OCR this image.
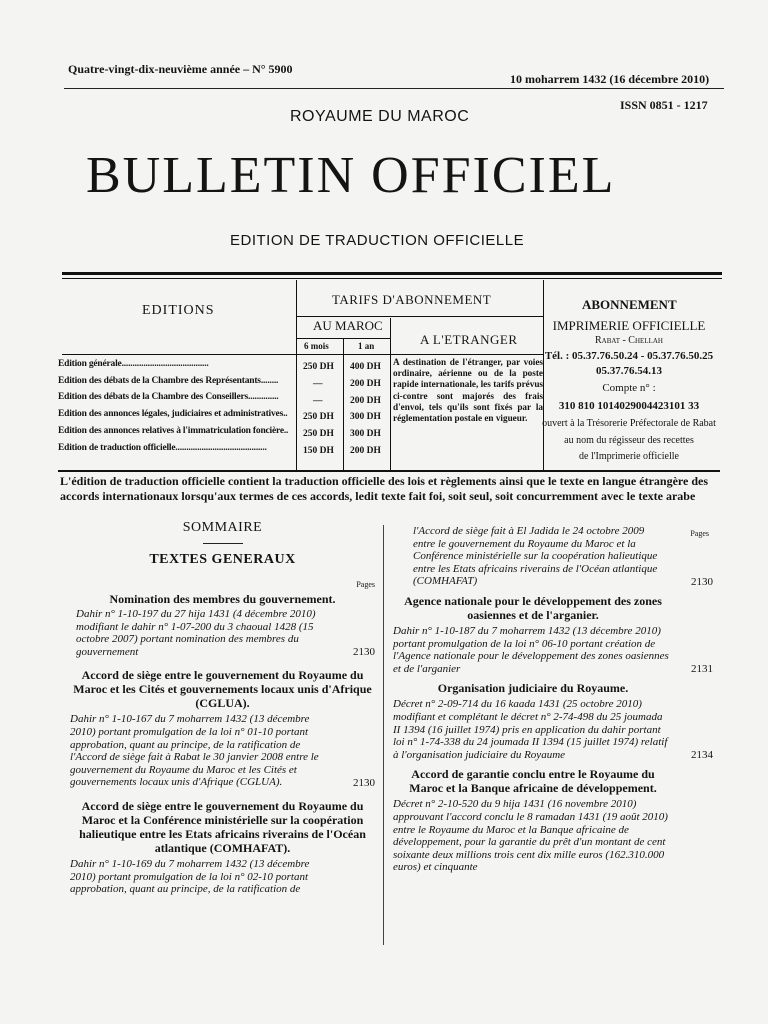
Quatre-vingt-dix-neuvième année – N° 5900
10 moharrem 1432 (16 décembre 2010)
ISSN 0851 - 1217
ROYAUME DU MAROC
BULLETIN OFFICIEL
EDITION DE TRADUCTION OFFICIELLE
EDITIONS
TARIFS D'ABONNEMENT
AU MAROC
A L'ETRANGER
6 mois	1 an
Edition générale........................................	250 DH 400 DH
Edition des débats de la Chambre des Représentants........	—	200 DH
Edition des débats de la Chambre des Conseillers..............	—	200 DH
Edition des annonces légales, judiciaires et administratives.. 250 DH 300 DH
Edition des annonces relatives à l'immatriculation foncière.. 250 DH 300 DH
Edition de traduction officielle..........................................	150 DH 200 DH
A destination de l'étranger, par voies ordinaire, aérienne ou de la poste rapide internationale, les tarifs prévus ci-contre sont majorés des frais d'envoi, tels qu'ils sont fixés par la réglementation postale en vigueur.
ABONNEMENT
IMPRIMERIE OFFICIELLE
Rabat - Chellah
Tél. : 05.37.76.50.24 - 05.37.76.50.25
05.37.76.54.13
Compte n° :
310 810 1014029004423101 33
ouvert à la Trésorerie Préfectorale de Rabat
au nom du régisseur des recettes
de l'Imprimerie officielle
L'édition de traduction officielle contient la traduction officielle des lois et règlements ainsi que le texte en langue étrangère des accords internationaux lorsqu'aux termes de ces accords, ledit texte fait foi, soit seul, soit concurremment avec le texte arabe
SOMMAIRE
TEXTES GENERAUX
Pages
Nomination des membres du gouvernement.
Dahir n° 1-10-197 du 27 hija 1431 (4 décembre 2010) modifiant le dahir n° 1-07-200 du 3 chaoual 1428 (15 octobre 2007) portant nomination des membres du gouvernement	2130
Accord de siège entre le gouvernement du Royaume du Maroc et les Cités et gouvernements locaux unis d'Afrique (CGLUA).
Dahir n° 1-10-167 du 7 moharrem 1432 (13 décembre 2010) portant promulgation de la loi n° 01-10 portant approbation, quant au principe, de la ratification de l'Accord de siège fait à Rabat le 30 janvier 2008 entre le gouvernement du Royaume du Maroc et les Cités et gouvernements locaux unis d'Afrique (CGLUA).	2130
Accord de siège entre le gouvernement du Royaume du Maroc et la Conférence ministérielle sur la coopération halieutique entre les Etats africains riverains de l'Océan atlantique (COMHAFAT).
Dahir n° 1-10-169 du 7 moharrem 1432 (13 décembre 2010) portant promulgation de la loi n° 02-10 portant approbation, quant au principe, de la ratification de
Pages
l'Accord de siège fait à El Jadida le 24 octobre 2009 entre le gouvernement du Royaume du Maroc et la Conférence ministérielle sur la coopération halieutique entre les Etats africains riverains de l'Océan atlantique (COMHAFAT)	2130
Agence nationale pour le développement des zones oasiennes et de l'arganier.
Dahir n° 1-10-187 du 7 moharrem 1432 (13 décembre 2010) portant promulgation de la loi n° 06-10 portant création de l'Agence nationale pour le développement des zones oasiennes et de l'arganier	2131
Organisation judiciaire du Royaume.
Décret n° 2-09-714 du 16 kaada 1431 (25 octobre 2010) modifiant et complétant le décret n° 2-74-498 du 25 joumada II 1394 (16 juillet 1974) pris en application du dahir portant loi n° 1-74-338 du 24 joumada II 1394 (15 juillet 1974) relatif à l'organisation judiciaire du Royaume	2134
Accord de garantie conclu entre le Royaume du Maroc et la Banque africaine de développement.
Décret n° 2-10-520 du 9 hija 1431 (16 novembre 2010) approuvant l'accord conclu le 8 ramadan 1431 (19 août 2010) entre le Royaume du Maroc et la Banque africaine de développement, pour la garantie du prêt d'un montant de cent soixante deux millions trois cent dix mille euros (162.310.000 euros) et cinquante
